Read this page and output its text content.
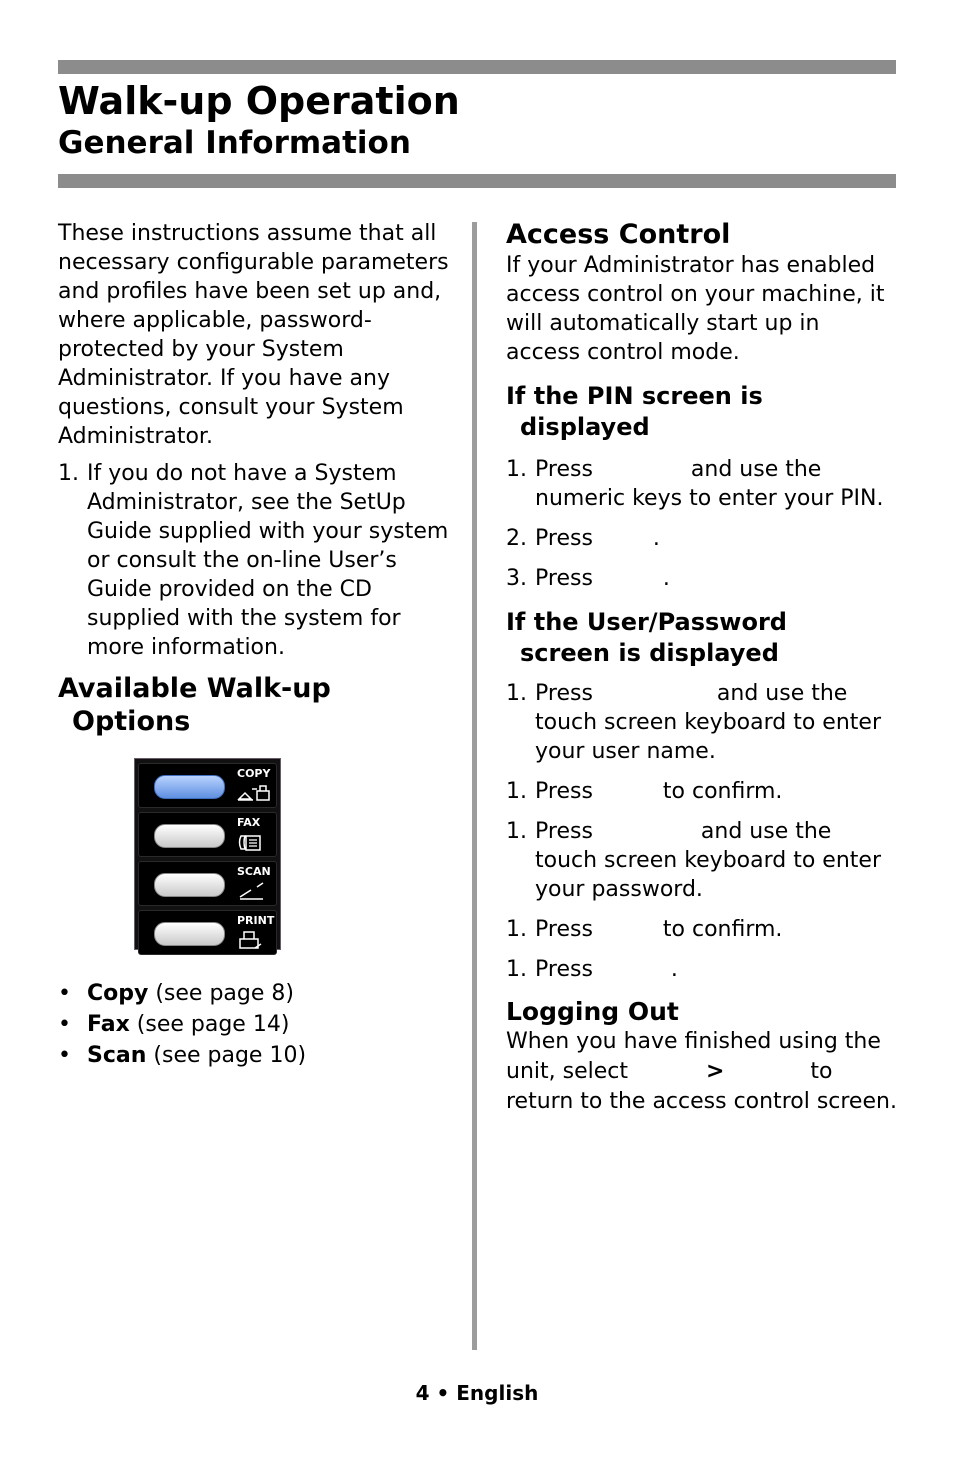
Walk-up Operation
General Information

These instructions assume that all necessary configurable parameters and profiles have been set up and, where applicable, password-protected by your System Administrator. If you have any questions, consult your System Administrator.

1. If you do not have a System Administrator, see the SetUp Guide supplied with your system or consult the on-line User’s Guide provided on the CD supplied with the system for more information.
Available Walk-up
Options
COPY
FAX
SCAN
PRINT
• Copy (see page 8)
• Fax (see page 14)
• Scan (see page 10)
Access Control

If your Administrator has enabled access control on your machine, it will automatically start up in access control mode.

If the PIN screen is
displayed
1. Press	and use the numeric keys to enter your PIN.
2. Press	.
3. Press	.
If the User/Password
screen is displayed
1. Press	and use the touch screen keyboard to enter your user name.
1. Press	to confirm.
1. Press	and use the touch screen keyboard to enter your password.
1. Press	to confirm.
1. Press	.
Logging Out

When you have finished using the

unit, select	>	to

return to the access control screen.

4 • English
